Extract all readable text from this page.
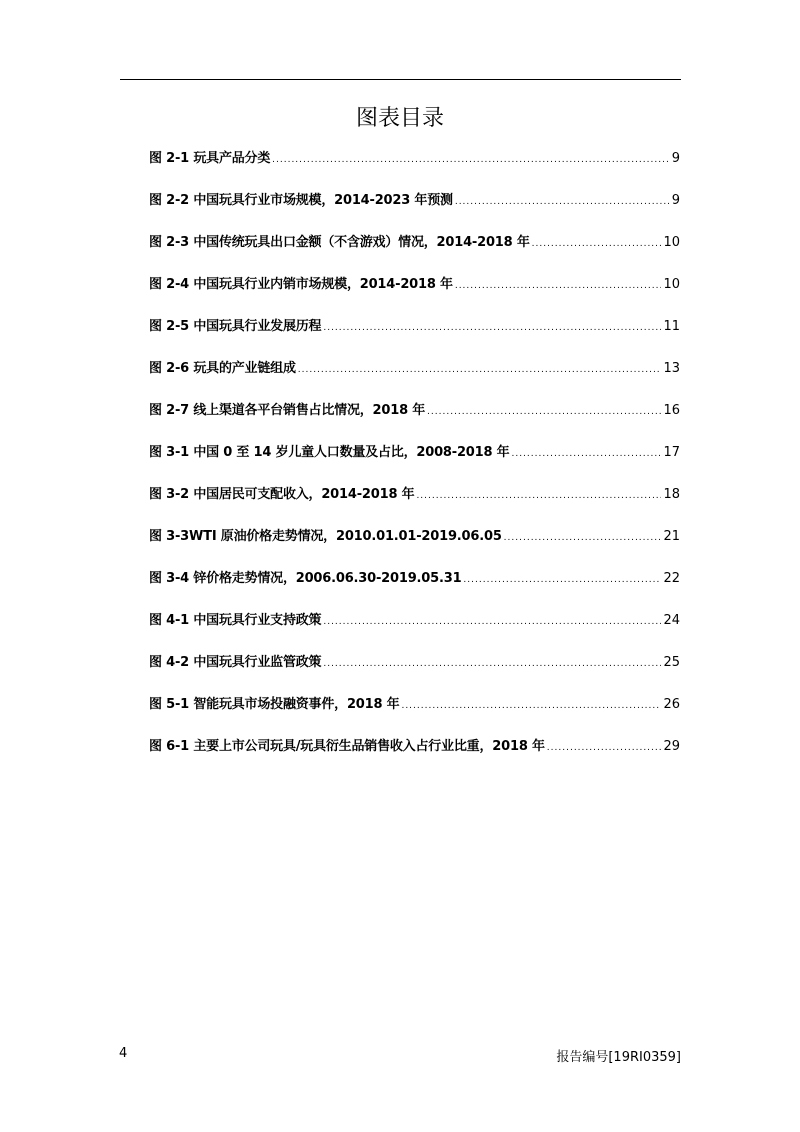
图表目录
图 2-1 玩具产品分类 .....	9
图 2-2 中国玩具行业市场规模，2014-2023 年预测 .....	9
图 2-3 中国传统玩具出口金额（不含游戏）情况，2014-2018 年 .....	10
图 2-4 中国玩具行业内销市场规模，2014-2018 年 .....	10
图 2-5 中国玩具行业发展历程 .....	11
图 2-6 玩具的产业链组成 .....	13
图 2-7 线上渠道各平台销售占比情况，2018 年 .....	16
图 3-1 中国 0 至 14 岁儿童人口数量及占比，2008-2018 年 .....	17
图 3-2 中国居民可支配收入，2014-2018 年 .....	18
图 3-3WTI 原油价格走势情况，2010.01.01-2019.06.05 .....	21
图 3-4 锌价格走势情况，2006.06.30-2019.05.31 .....	22
图 4-1 中国玩具行业支持政策 .....	24
图 4-2 中国玩具行业监管政策 .....	25
图 5-1 智能玩具市场投融资事件，2018 年 .....	26
图 6-1 主要上市公司玩具/玩具衍生品销售收入占行业比重，2018 年 .....	29
4	报告编号[19RI0359]
